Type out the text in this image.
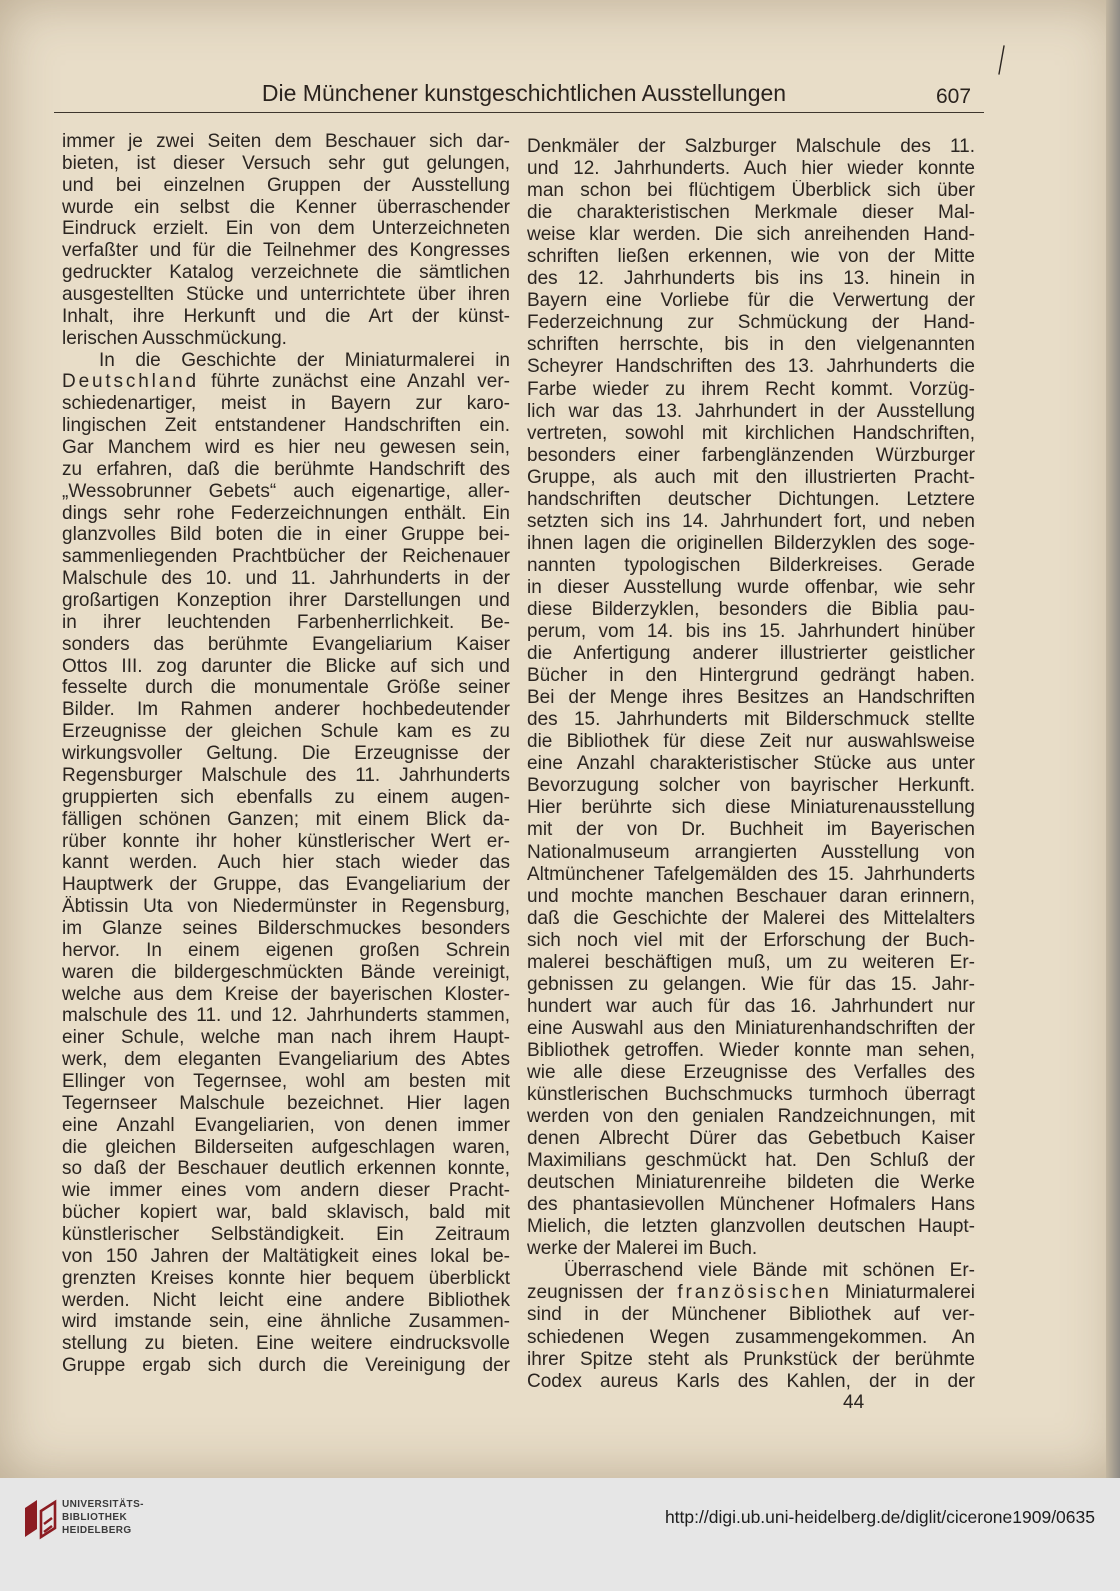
Die Münchener kunstgeschichtlichen Ausstellungen	607
immer je zwei Seiten dem Beschauer sich dar-
bieten, ist dieser Versuch sehr gut gelungen,
und bei einzelnen Gruppen der Ausstellung
wurde ein selbst die Kenner überraschender
Eindruck erzielt. Ein von dem Unterzeichneten
verfaßter und für die Teilnehmer des Kongresses
gedruckter Katalog verzeichnete die sämtlichen
ausgestellten Stücke und unterrichtete über ihren
Inhalt, ihre Herkunft und die Art der künst-
lerischen Ausschmückung.
In die Geschichte der Miniaturmalerei in
Deutschland führte zunächst eine Anzahl ver-
schiedenartiger, meist in Bayern zur karo-
lingischen Zeit entstandener Handschriften ein.
Gar Manchem wird es hier neu gewesen sein,
zu erfahren, daß die berühmte Handschrift des
„Wessobrunner Gebets“ auch eigenartige, aller-
dings sehr rohe Federzeichnungen enthält. Ein
glanzvolles Bild boten die in einer Gruppe bei-
sammenliegenden Prachtbücher der Reichenauer
Malschule des 10. und 11. Jahrhunderts in der
großartigen Konzeption ihrer Darstellungen und
in ihrer leuchtenden Farbenherrlichkeit. Be-
sonders das berühmte Evangeliarium Kaiser
Ottos III. zog darunter die Blicke auf sich und
fesselte durch die monumentale Größe seiner
Bilder. Im Rahmen anderer hochbedeutender
Erzeugnisse der gleichen Schule kam es zu
wirkungsvoller Geltung. Die Erzeugnisse der
Regensburger Malschule des 11. Jahrhunderts
gruppierten sich ebenfalls zu einem augen-
fälligen schönen Ganzen; mit einem Blick da-
rüber konnte ihr hoher künstlerischer Wert er-
kannt werden. Auch hier stach wieder das
Hauptwerk der Gruppe, das Evangeliarium der
Äbtissin Uta von Niedermünster in Regensburg,
im Glanze seines Bilderschmuckes besonders
hervor. In einem eigenen großen Schrein
waren die bildergeschmückten Bände vereinigt,
welche aus dem Kreise der bayerischen Kloster-
malschule des 11. und 12. Jahrhunderts stammen,
einer Schule, welche man nach ihrem Haupt-
werk, dem eleganten Evangeliarium des Abtes
Ellinger von Tegernsee, wohl am besten mit
Tegernseer Malschule bezeichnet. Hier lagen
eine Anzahl Evangeliarien, von denen immer
die gleichen Bilderseiten aufgeschlagen waren,
so daß der Beschauer deutlich erkennen konnte,
wie immer eines vom andern dieser Pracht-
bücher kopiert war, bald sklavisch, bald mit
künstlerischer Selbständigkeit. Ein Zeitraum
von 150 Jahren der Maltätigkeit eines lokal be-
grenzten Kreises konnte hier bequem überblickt
werden. Nicht leicht eine andere Bibliothek
wird imstande sein, eine ähnliche Zusammen-
stellung zu bieten. Eine weitere eindrucksvolle
Gruppe ergab sich durch die Vereinigung der
Denkmäler der Salzburger Malschule des 11.
und 12. Jahrhunderts. Auch hier wieder konnte
man schon bei flüchtigem Überblick sich über
die charakteristischen Merkmale dieser Mal-
weise klar werden. Die sich anreihenden Hand-
schriften ließen erkennen, wie von der Mitte
des 12. Jahrhunderts bis ins 13. hinein in
Bayern eine Vorliebe für die Verwertung der
Federzeichnung zur Schmückung der Hand-
schriften herrschte, bis in den vielgenannten
Scheyrer Handschriften des 13. Jahrhunderts die
Farbe wieder zu ihrem Recht kommt. Vorzüg-
lich war das 13. Jahrhundert in der Ausstellung
vertreten, sowohl mit kirchlichen Handschriften,
besonders einer farbenglänzenden Würzburger
Gruppe, als auch mit den illustrierten Pracht-
handschriften deutscher Dichtungen. Letztere
setzten sich ins 14. Jahrhundert fort, und neben
ihnen lagen die originellen Bilderzyklen des soge-
nannten typologischen Bilderkreises. Gerade
in dieser Ausstellung wurde offenbar, wie sehr
diese Bilderzyklen, besonders die Biblia pau-
perum, vom 14. bis ins 15. Jahrhundert hinüber
die Anfertigung anderer illustrierter geistlicher
Bücher in den Hintergrund gedrängt haben.
Bei der Menge ihres Besitzes an Handschriften
des 15. Jahrhunderts mit Bilderschmuck stellte
die Bibliothek für diese Zeit nur auswahlsweise
eine Anzahl charakteristischer Stücke aus unter
Bevorzugung solcher von bayrischer Herkunft.
Hier berührte sich diese Miniaturenausstellung
mit der von Dr. Buchheit im Bayerischen
Nationalmuseum arrangierten Ausstellung von
Altmünchener Tafelgemälden des 15. Jahrhunderts
und mochte manchen Beschauer daran erinnern,
daß die Geschichte der Malerei des Mittelalters
sich noch viel mit der Erforschung der Buch-
malerei beschäftigen muß, um zu weiteren Er-
gebnissen zu gelangen. Wie für das 15. Jahr-
hundert war auch für das 16. Jahrhundert nur
eine Auswahl aus den Miniaturenhandschriften der
Bibliothek getroffen. Wieder konnte man sehen,
wie alle diese Erzeugnisse des Verfalles des
künstlerischen Buchschmucks turmhoch überragt
werden von den genialen Randzeichnungen, mit
denen Albrecht Dürer das Gebetbuch Kaiser
Maximilians geschmückt hat. Den Schluß der
deutschen Miniaturenreihe bildeten die Werke
des phantasievollen Münchener Hofmalers Hans
Mielich, die letzten glanzvollen deutschen Haupt-
werke der Malerei im Buch.
Überraschend viele Bände mit schönen Er-
zeugnissen der französischen Miniaturmalerei
sind in der Münchener Bibliothek auf ver-
schiedenen Wegen zusammengekommen. An
ihrer Spitze steht als Prunkstück der berühmte
Codex aureus Karls des Kahlen, der in der
44
UNIVERSITÄTS-
BIBLIOTHEK
HEIDELBERG
http://digi.ub.uni-heidelberg.de/diglit/cicerone1909/0635
